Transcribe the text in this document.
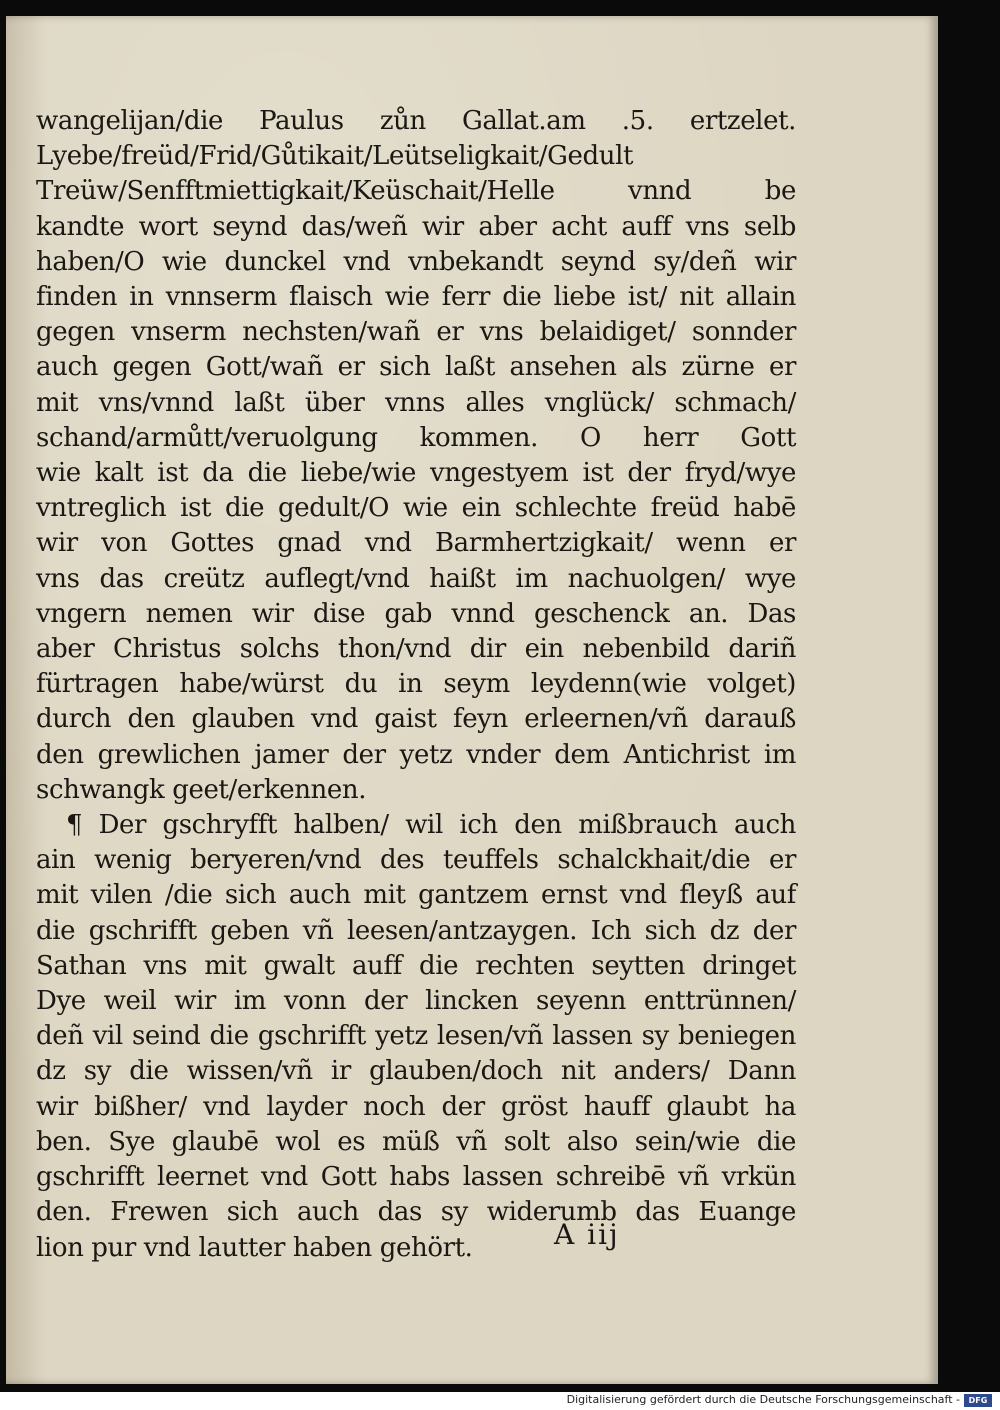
wangelijan/die Paulus zůn Gallat.am .5. ertzelet.
Lyebe/freüd/Frid/Gůtikait/Leütseligkait/Gedult
Treüw/Senfftmiettigkait/Keüschait/Helle vnnd be
kandte wort seynd das/weñ wir aber acht auff vns selb
haben/O wie dunckel vnd vnbekandt seynd sy/deñ wir
finden in vnnserm flaisch wie ferr die liebe ist/ nit allain
gegen vnserm nechsten/wañ er vns belaidiget/ sonnder
auch gegen Gott/wañ er sich laßt ansehen als zürne er
mit vns/vnnd laßt über vnns alles vnglück/ schmach/
schand/armůtt/veruolgung kommen. O herr Gott
wie kalt ist da die liebe/wie vngestyem ist der fryd/wye
vntreglich ist die gedult/O wie ein schlechte freüd habē
wir von Gottes gnad vnd Barmhertzigkait/ wenn er
vns das creütz auflegt/vnd haißt im nachuolgen/ wye
vngern nemen wir dise gab vnnd geschenck an. Das
aber Christus solchs thon/vnd dir ein nebenbild dariñ
fürtragen habe/würst du in seym leydenn(wie volget)
durch den glauben vnd gaist feyn erleernen/vñ darauß
den grewlichen jamer der yetz vnder dem Antichrist im
schwangk geet/erkennen.
¶ Der gschryfft halben/ wil ich den mißbrauch auch
ain wenig beryeren/vnd des teuffels schalckhait/die er
mit vilen /die sich auch mit gantzem ernst vnd fleyß auf
die gschrifft geben vñ leesen/antzaygen. Ich sich dz der
Sathan vns mit gwalt auff die rechten seytten dringet
Dye weil wir im vonn der lincken seyenn enttrünnen/
deñ vil seind die gschrifft yetz lesen/vñ lassen sy beniegen
dz sy die wissen/vñ ir glauben/doch nit anders/ Dann
wir bißher/ vnd layder noch der gröst hauff glaubt ha
ben. Sye glaubē wol es müß vñ solt also sein/wie die
gschrifft leernet vnd Gott habs lassen schreibē vñ vrkün
den. Frewen sich auch das sy widerumb das Euange
lion pur vnd lautter haben gehört.	A iij
Digitalisierung gefördert durch die Deutsche Forschungsgemeinschaft -	DFG
